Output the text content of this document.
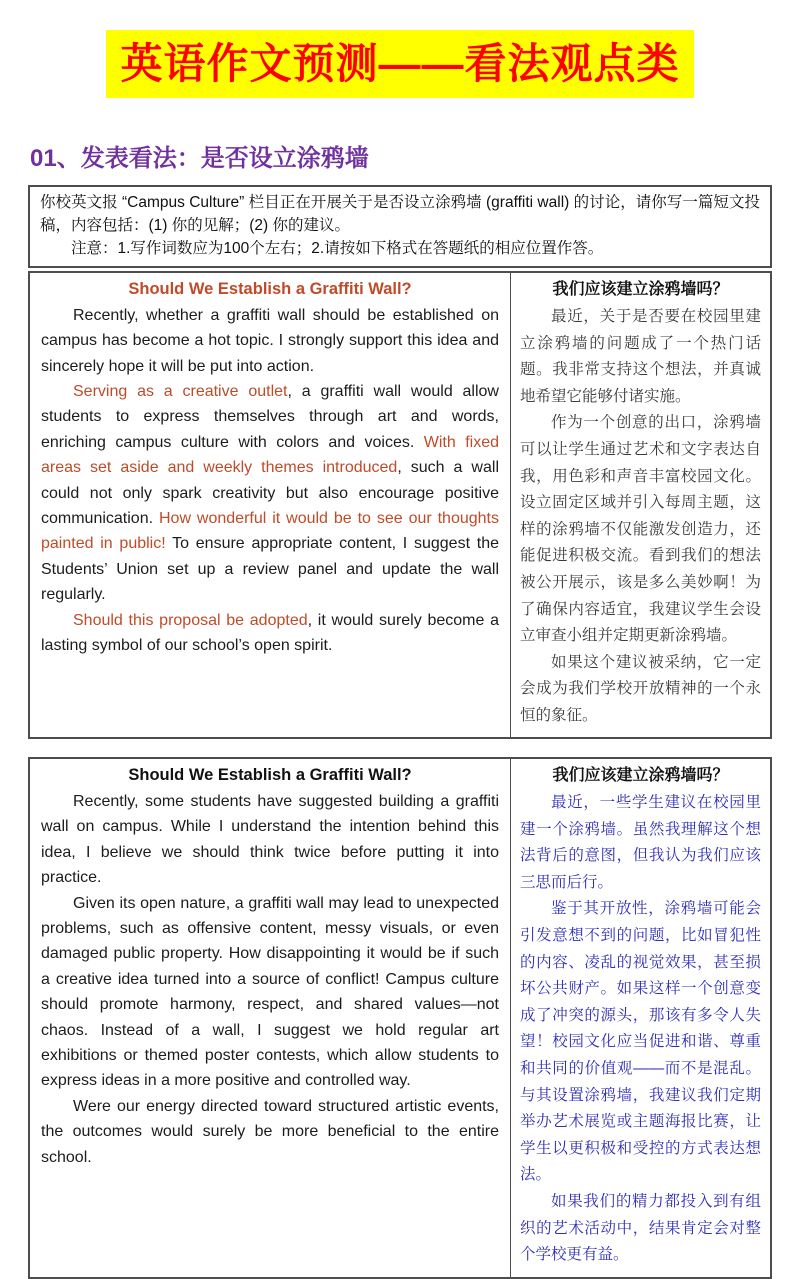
英语作文预测——看法观点类
01、发表看法：是否设立涂鸦墙

你校英文报 “Campus Culture” 栏目正在开展关于是否设立涂鸦墙 (graffiti wall) 的讨论，请你写一篇短文投稿，内容包括：(1) 你的见解；(2) 你的建议。

注意：1.写作词数应为100个左右；2.请按如下格式在答题纸的相应位置作答。

Should We Establish a Graffiti Wall?

Recently, whether a graffiti wall should be established on campus has become a hot topic. I strongly support this idea and sincerely hope it will be put into action.

Serving as a creative outlet, a graffiti wall would allow students to express themselves through art and words, enriching campus culture with colors and voices. With fixed areas set aside and weekly themes introduced, such a wall could not only spark creativity but also encourage positive communication. How wonderful it would be to see our thoughts painted in public! To ensure appropriate content, I suggest the Students’ Union set up a review panel and update the wall regularly.

Should this proposal be adopted, it would surely become a lasting symbol of our school’s open spirit.

我们应该建立涂鸦墙吗？

最近，关于是否要在校园里建立涂鸦墙的问题成了一个热门话题。我非常支持这个想法，并真诚地希望它能够付诸实施。

作为一个创意的出口，涂鸦墙可以让学生通过艺术和文字表达自我，用色彩和声音丰富校园文化。设立固定区域并引入每周主题，这样的涂鸦墙不仅能激发创造力，还能促进积极交流。看到我们的想法被公开展示，该是多么美妙啊！为了确保内容适宜，我建议学生会设立审查小组并定期更新涂鸦墙。

如果这个建议被采纳，它一定会成为我们学校开放精神的一个永恒的象征。

Should We Establish a Graffiti Wall?

Recently, some students have suggested building a graffiti wall on campus. While I understand the intention behind this idea, I believe we should think twice before putting it into practice.

Given its open nature, a graffiti wall may lead to unexpected problems, such as offensive content, messy visuals, or even damaged public property. How disappointing it would be if such a creative idea turned into a source of conflict! Campus culture should promote harmony, respect, and shared values—not chaos. Instead of a wall, I suggest we hold regular art exhibitions or themed poster contests, which allow students to express ideas in a more positive and controlled way.

Were our energy directed toward structured artistic events, the outcomes would surely be more beneficial to the entire school.

我们应该建立涂鸦墙吗？

最近，一些学生建议在校园里建一个涂鸦墙。虽然我理解这个想法背后的意图，但我认为我们应该三思而后行。

鉴于其开放性，涂鸦墙可能会引发意想不到的问题，比如冒犯性的内容、凌乱的视觉效果，甚至损坏公共财产。如果这样一个创意变成了冲突的源头，那该有多令人失望！校园文化应当促进和谐、尊重和共同的价值观——而不是混乱。与其设置涂鸦墙，我建议我们定期举办艺术展览或主题海报比赛，让学生以更积极和受控的方式表达想法。

如果我们的精力都投入到有组织的艺术活动中，结果肯定会对整个学校更有益。
